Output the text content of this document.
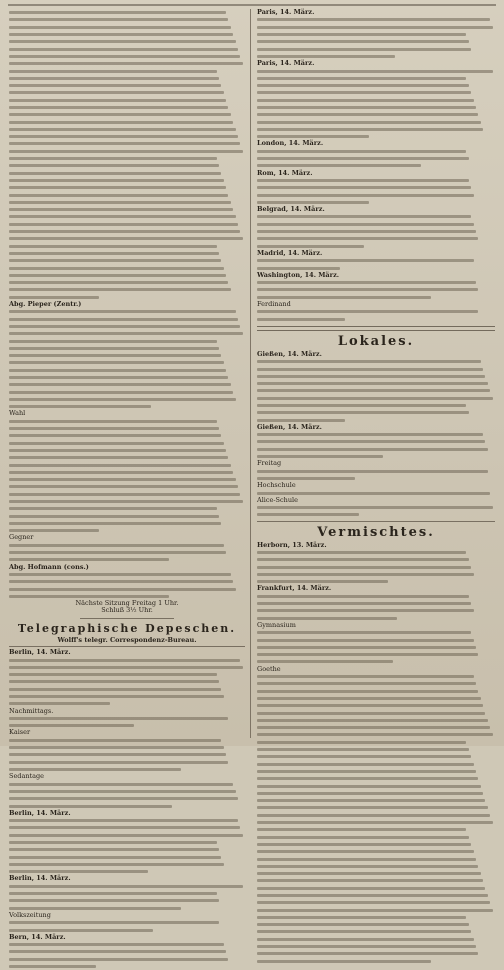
Abg. Pieper (Zentr.)
Wahl
Gegner
Abg. Hofmann (cons.)
Nächste Sitzung Freitag 1 Uhr.
Schluß 3½ Uhr.
Telegraphische Depeschen.
Wolff's telegr. Correspondenz-Bureau.
Berlin, 14. März.
Nachmittags.
Kaiser
Sedantage
Berlin, 14. März.
Berlin, 14. März.
Volkszeitung
Bern, 14. März.
Paris, 14. März.
Paris, 14. März.
London, 14. März.
Rom, 14. März.
Belgrad, 14. März.
Madrid, 14. März.
Washington, 14. März.
Ferdinand
Lokales.
Gießen, 14. März.
Gießen, 14. März.
Freitag
Hochschule
Alice-Schule
Vermischtes.
Herborn, 13. März.
Frankfurt, 14. März.
Gymnasium
Goethe
